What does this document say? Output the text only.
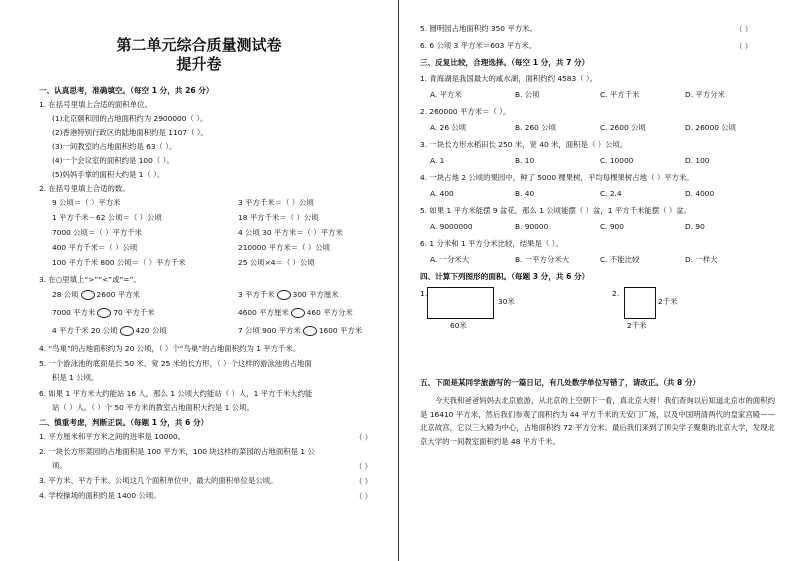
第二单元综合质量测试卷
提升卷
一、认真思考，准确填空。（每空 1 分，共 26 分）
1. 在括号里填上合适的面积单位。
(1)北京颐和园的占地面积约为 2900000（ ）。
(2)香港特别行政区的陆地面积约是 1107（ ）。
(3)一间教室的占地面积约是 63（ ）。
(4)一个会议室的面积约是 100（ ）。
(5)妈妈手掌的面积大约是 1（ ）。
2. 在括号里填上合适的数。
9 公顷＝（ ）平方米	3 平方千米＝（ ）公顷
1 平方千米－62 公顷＝（ ）公顷	18 平方千米＝（ ）公顷
7000 公顷＝（ ）平方千米	4 公顷 30 平方米＝（ ）平方米
400 平方千米＝（ ）公顷	210000 平方米＝（ ）公顷
100 平方千米 800 公顷＝（ ）平方千米	25 公顷×4＝（ ）公顷
3. 在○里填上“>”“<”或“=”。
28 公顷 2600 平方米	3 平方千米 300 平方厘米
7000 平方米 70 平方千米	4600 平方厘米 460 平方分米
4 平方千米 20 公顷 420 公顷	7 公顷 900 平方米 1600 平方米
4. “鸟巢”的占地面积约为 20 公顷，（ ）个“鸟巢”的占地面积约为 1 平方千米。
5. 一个游泳池的底面是长 50 米、宽 25 米的长方形，（ ）个这样的游泳池的占地面
积是 1 公顷。
6. 如果 1 平方米大约能站 16 人，那么 1 公顷大约能站（ ）人，1 平方千米大约能
站（ ）人。（ ）个 50 平方米的教室占地面积大约是 1 公顷。
二、慎重考虑，判断正误。（每题 1 分，共 6 分）
1. 平方厘米和平方米之间的进率是 10000。	（ ）
2. 一块长方形菜园的占地面积是 100 平方米，100 块这样的菜园的占地面积是 1 公
顷。	（ ）
3. 平方米、平方千米、公顷这几个面积单位中，最大的面积单位是公顷。	（ ）
4. 学校操场的面积约是 1400 公顷。	（ ）
5. 圆明园占地面积约 350 平方米。	（ ）
6. 6 公顷 3 平方米＝603 平方米。	（ ）
三、反复比较，合理选择。（每空 1 分，共 7 分）
1. 青海湖是我国最大的咸水湖，面积约约 4583（ ）。
A. 平方米	B. 公顷	C. 平方千米	D. 平方分米
2. 260000 平方米＝（ ）。
A. 26 公顷	B. 260 公顷	C. 2600 公顷	D. 26000 公顷
3. 一块长方形水稻田长 250 米，宽 40 米，面积是（ ）公顷。
A. 1	B. 10	C. 10000	D. 100
4. 一块占地 2 公顷的果园中，种了 5000 棵果树，平均每棵果树占地（ ）平方米。
A. 400	B. 40	C. 2.4	D. 4000
5. 如果 1 平方米能摆 9 盆花，那么 1 公顷能摆（ ）盆，1 平方千米能摆（ ）盆。
A. 9000000	B. 90000	C. 900	D. 90
6. 1 分米和 1 平方分米比较，结果是（ ）。
A. 一分米大	B. 一平方分米大	C. 不能比较	D. 一样大
四、计算下列图形的面积。（每题 3 分，共 6 分）
1.
30米
60米
2.
2千米
2千米
五、下面是某同学旅游写的一篇日记，有几处数学单位写错了，请改正。（共 8 分）
今天我和爸爸妈妈去北京旅游，从北京的上空朝下一看，真北京大呀！我们查询以后知道北京市的面积约是 16410 平方米，然后我们参观了面积约为 44 平方千米的天安门广场，以及中国明清两代的皇家宫殿——北京故宫，它以三大殿为中心，占地面积约 72 平方分米。最后我们来到了顶尖学子聚集的北京大学，发现北京大学的一间教室面积约是 48 平方千米。
